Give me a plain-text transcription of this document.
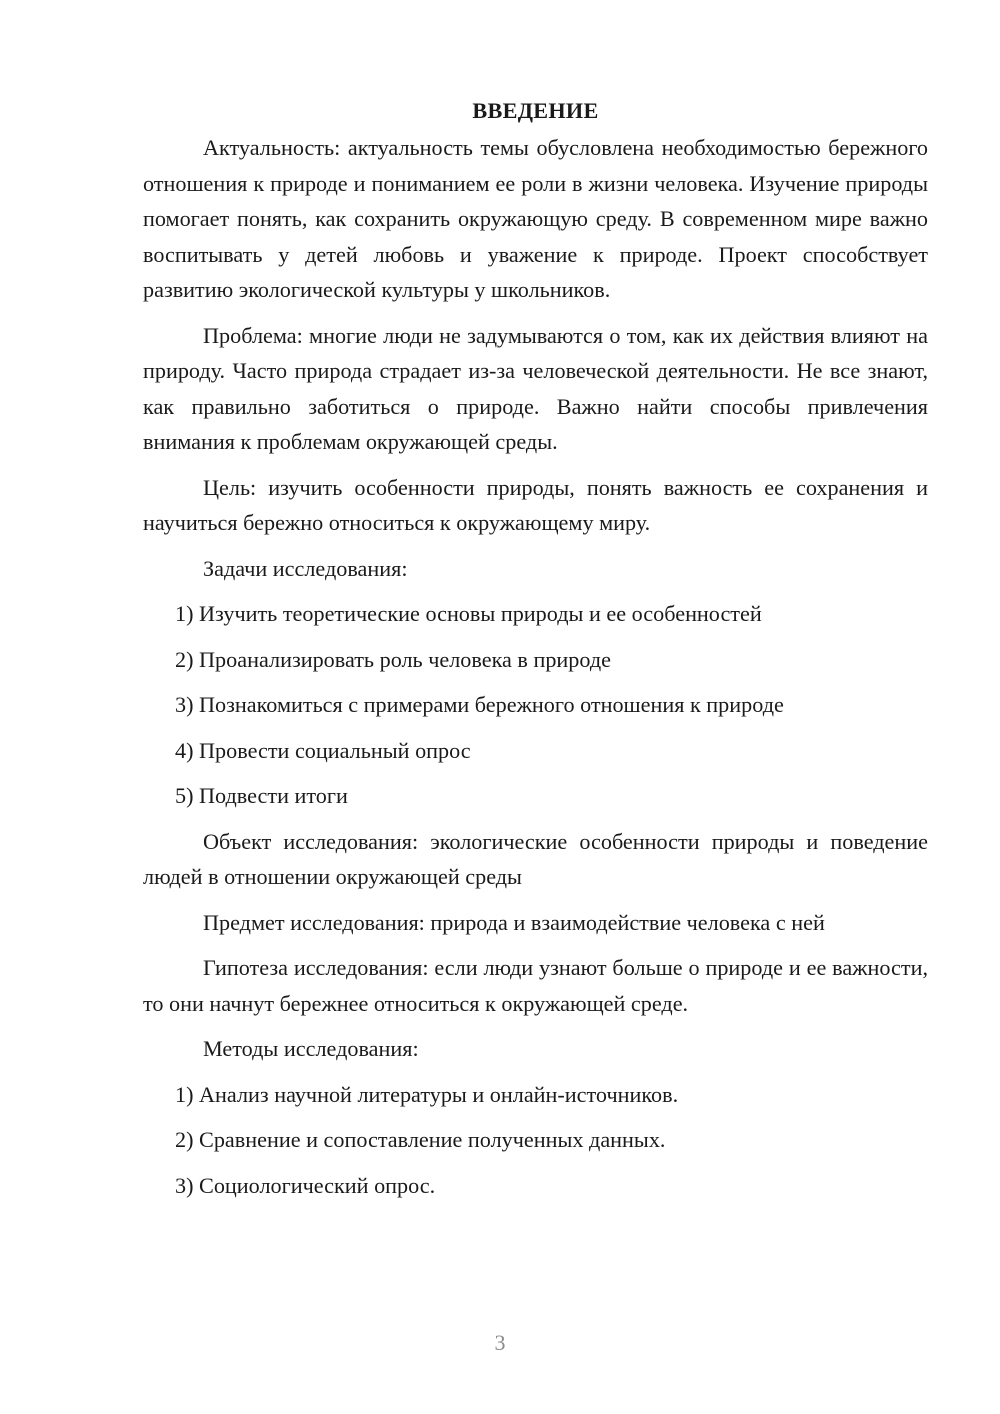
ВВЕДЕНИЕ

Актуальность: актуальность темы обусловлена необходимостью бережного отношения к природе и пониманием ее роли в жизни человека. Изучение природы помогает понять, как сохранить окружающую среду. В современном мире важно воспитывать у детей любовь и уважение к природе. Проект способствует развитию экологической культуры у школьников.

Проблема: многие люди не задумываются о том, как их действия влияют на природу. Часто природа страдает из-за человеческой деятельности. Не все знают, как правильно заботиться о природе. Важно найти способы привлечения внимания к проблемам окружающей среды.

Цель: изучить особенности природы, понять важность ее сохранения и научиться бережно относиться к окружающему миру.

Задачи исследования:

1) Изучить теоретические основы природы и ее особенностей

2) Проанализировать роль человека в природе

3) Познакомиться с примерами бережного отношения к природе

4) Провести социальный опрос

5) Подвести итоги

Объект исследования: экологические особенности природы и поведение людей в отношении окружающей среды

Предмет исследования: природа и взаимодействие человека с ней

Гипотеза исследования: если люди узнают больше о природе и ее важности, то они начнут бережнее относиться к окружающей среде.

Методы исследования:

1) Анализ научной литературы и онлайн-источников.

2) Сравнение и сопоставление полученных данных.

3) Социологический опрос.

3
